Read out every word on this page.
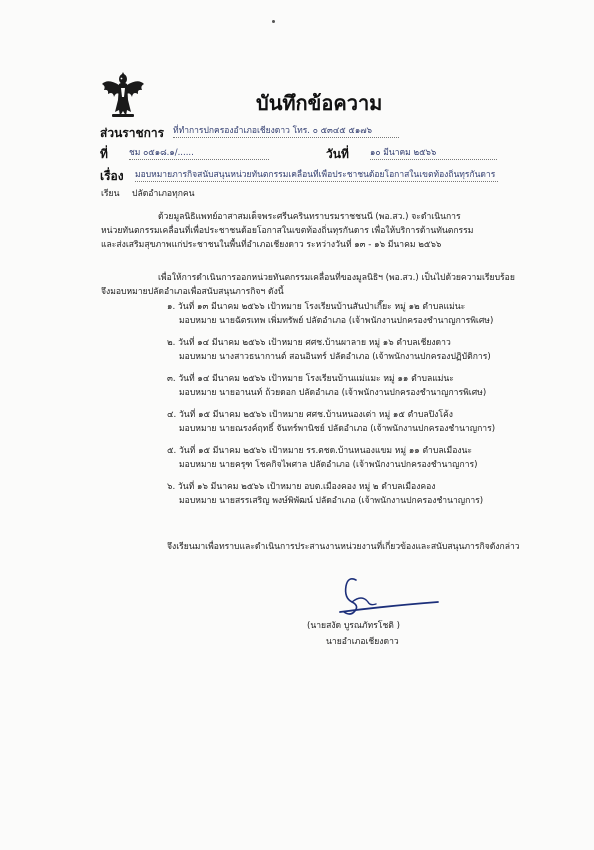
บันทึกข้อความ
ส่วนราชการ ที่ทำการปกครองอำเภอเชียงดาว โทร. ๐ ๕๓๔๕ ๕๑๗๖
ที่ ชม ๐๕๑๘.๑/......	วันที่ ๑๐ มีนาคม ๒๕๖๖
เรื่อง มอบหมายภารกิจสนับสนุนหน่วยทันตกรรมเคลื่อนที่เพื่อประชาชนด้อยโอกาสในเขตท้องถิ่นทุรกันดาร
เรียน ปลัดอำเภอทุกคน
ด้วยมูลนิธิแพทย์อาสาสมเด็จพระศรีนครินทราบรมราชชนนี (พอ.สว.) จะดำเนินการ
หน่วยทันตกรรมเคลื่อนที่เพื่อประชาชนด้อยโอกาสในเขตท้องถิ่นทุรกันดาร เพื่อให้บริการด้านทันตกรรม
และส่งเสริมสุขภาพแก่ประชาชนในพื้นที่อำเภอเชียงดาว ระหว่างวันที่ ๑๓ - ๑๖ มีนาคม ๒๕๖๖
เพื่อให้การดำเนินการออกหน่วยทันตกรรมเคลื่อนที่ของมูลนิธิฯ (พอ.สว.) เป็นไปด้วยความเรียบร้อย
จึงมอบหมายปลัดอำเภอเพื่อสนับสนุนภารกิจฯ ดังนี้
๑. วันที่ ๑๓ มีนาคม ๒๕๖๖ เป้าหมาย โรงเรียนบ้านสันป่าเกี๊ยะ หมู่ ๑๒ ตำบลแม่นะ
มอบหมาย นายฉัตรเทพ เพิ่มทรัพย์ ปลัดอำเภอ (เจ้าพนักงานปกครองชำนาญการพิเศษ)
๒. วันที่ ๑๔ มีนาคม ๒๕๖๖ เป้าหมาย ศศช.บ้านผาลาย หมู่ ๑๖ ตำบลเชียงดาว
มอบหมาย นางสาวธนากานต์ สอนอินทร์ ปลัดอำเภอ (เจ้าพนักงานปกครองปฏิบัติการ)
๓. วันที่ ๑๔ มีนาคม ๒๕๖๖ เป้าหมาย โรงเรียนบ้านแม่แมะ หมู่ ๑๑ ตำบลแม่นะ
มอบหมาย นายอานนท์ ถ้วยดอก ปลัดอำเภอ (เจ้าพนักงานปกครองชำนาญการพิเศษ)
๔. วันที่ ๑๕ มีนาคม ๒๕๖๖ เป้าหมาย ศศช.บ้านหนองเต่า หมู่ ๑๕ ตำบลปิงโค้ง
มอบหมาย นายณรงค์ฤทธิ์ จันทร์พานิชย์ ปลัดอำเภอ (เจ้าพนักงานปกครองชำนาญการ)
๕. วันที่ ๑๕ มีนาคม ๒๕๖๖ เป้าหมาย รร.ตชด.บ้านหนองแขม หมู่ ๑๑ ตำบลเมืองนะ
มอบหมาย นายครุฑ โชคกิจไพศาล ปลัดอำเภอ (เจ้าพนักงานปกครองชำนาญการ)
๖. วันที่ ๑๖ มีนาคม ๒๕๖๖ เป้าหมาย อบต.เมืองคอง หมู่ ๒ ตำบลเมืองคอง
มอบหมาย นายสรรเสริญ พงษ์พิพัฒน์ ปลัดอำเภอ (เจ้าพนักงานปกครองชำนาญการ)
จึงเรียนมาเพื่อทราบและดำเนินการประสานงานหน่วยงานที่เกี่ยวข้องและสนับสนุนภารกิจดังกล่าว
(นายสงัด บูรณภัทรโชติ )
นายอำเภอเชียงดาว
